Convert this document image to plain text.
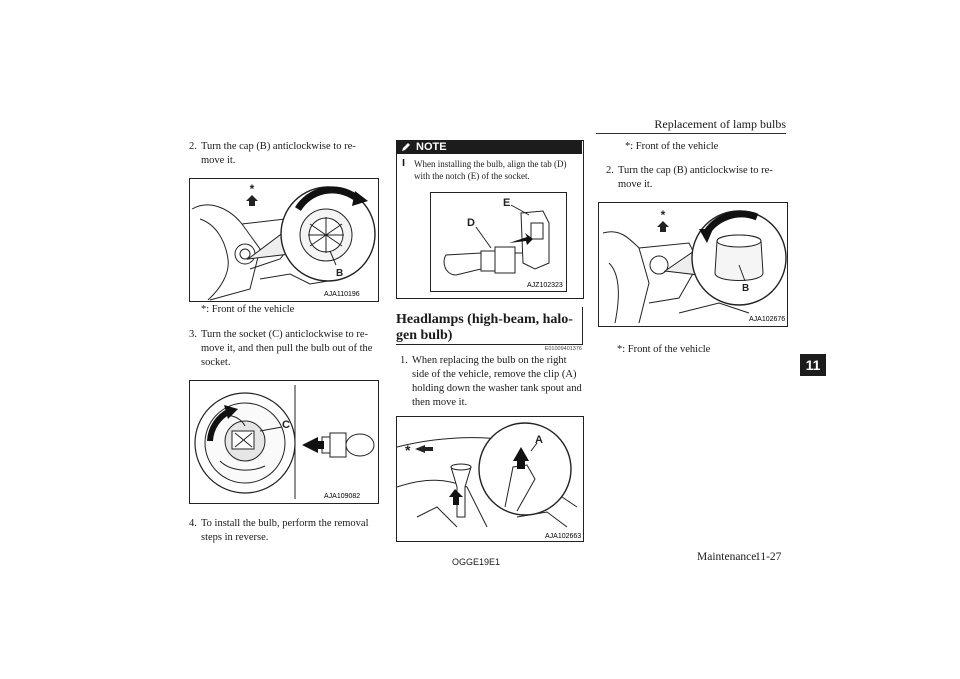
Replacement of lamp bulbs
11
2. Turn the cap (B) anticlockwise to re-
move it.
*
B
AJA110196
*: Front of the vehicle
3. Turn the socket (C) anticlockwise to re-
move it, and then pull the bulb out of the
socket.
C
AJA109082
4. To install the bulb, perform the removal
steps in reverse.
NOTE
l When installing the bulb, align the tab (D)
with the notch (E) of the socket.
D
E
AJZ102323
Headlamps (high-beam, halo-
gen bulb)
E01009401376
1. When replacing the bulb on the right
side of the vehicle, remove the clip (A)
holding down the washer tank spout and
then move it.
A
*
AJA102663
*: Front of the vehicle
2. Turn the cap (B) anticlockwise to re-
move it.
*
B
AJA102676
*: Front of the vehicle
OGGE19E1	Maintenance
11-27
